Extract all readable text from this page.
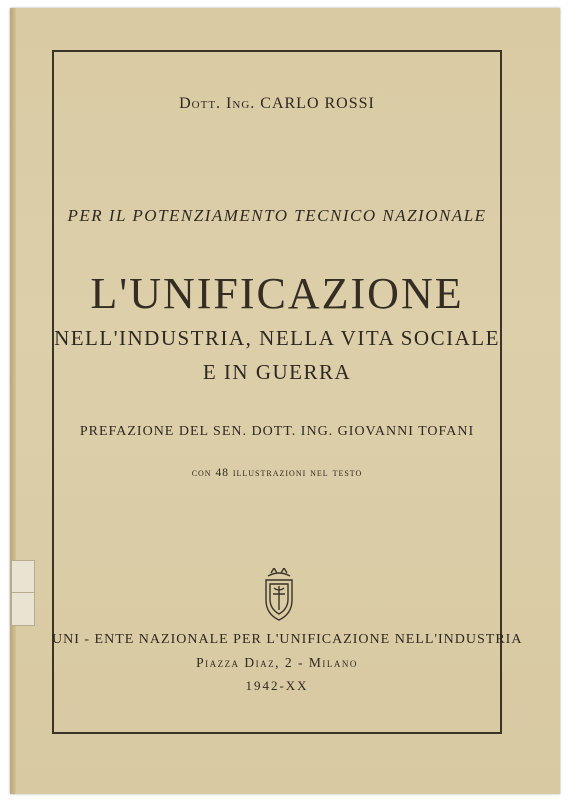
Dott. Ing. CARLO ROSSI
PER IL POTENZIAMENTO TECNICO NAZIONALE
L'UNIFICAZIONE
NELL'INDUSTRIA, NELLA VITA SOCIALE
E IN GUERRA
PREFAZIONE DEL SEN. DOTT. ING. GIOVANNI TOFANI
con 48 illustrazioni nel testo
UNI - ENTE NAZIONALE PER L'UNIFICAZIONE NELL'INDUSTRIA
Piazza Diaz, 2 - Milano
1942-XX
